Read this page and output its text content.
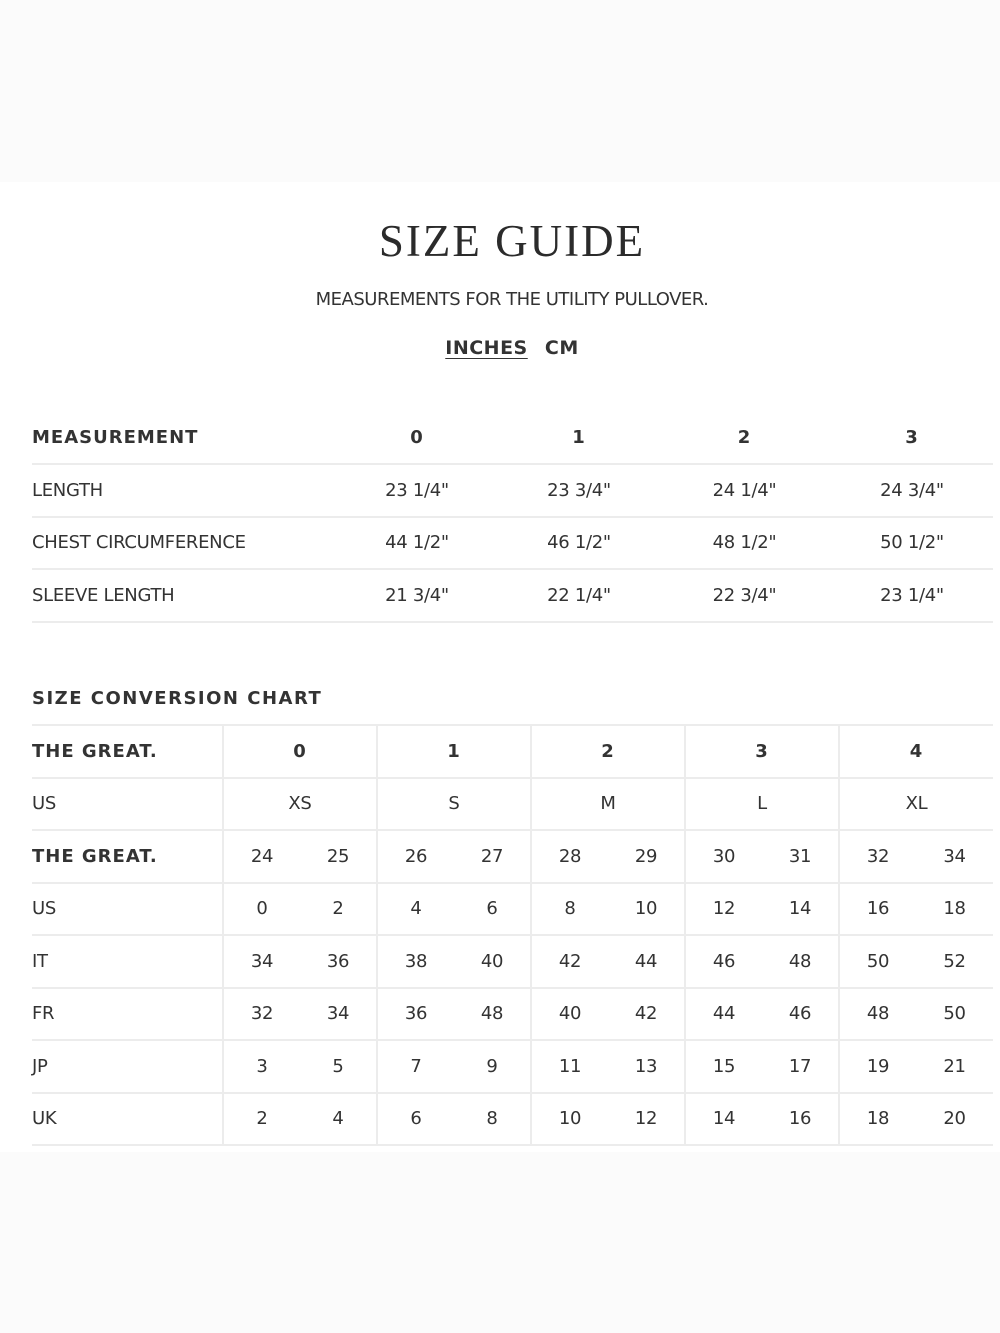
SIZE GUIDE
MEASUREMENTS FOR THE UTILITY PULLOVER.
INCHES CM
MEASUREMENT	0	1	2	3
LENGTH	23 1/4"	23 3/4"	24 1/4"	24 3/4"
CHEST CIRCUMFERENCE	44 1/2"	46 1/2"	48 1/2"	50 1/2"
SLEEVE LENGTH	21 3/4"	22 1/4"	22 3/4"	23 1/4"
SIZE CONVERSION CHART
THE GREAT.	0		1		2		3		4	
US	XS		S		M		L		XL	
THE GREAT.	24	25	26	27	28	29	30	31	32	34
US	0	2	4	6	8	10	12	14	16	18
IT	34	36	38	40	42	44	46	48	50	52
FR	32	34	36	48	40	42	44	46	48	50
JP	3	5	7	9	11	13	15	17	19	21
UK	2	4	6	8	10	12	14	16	18	20
